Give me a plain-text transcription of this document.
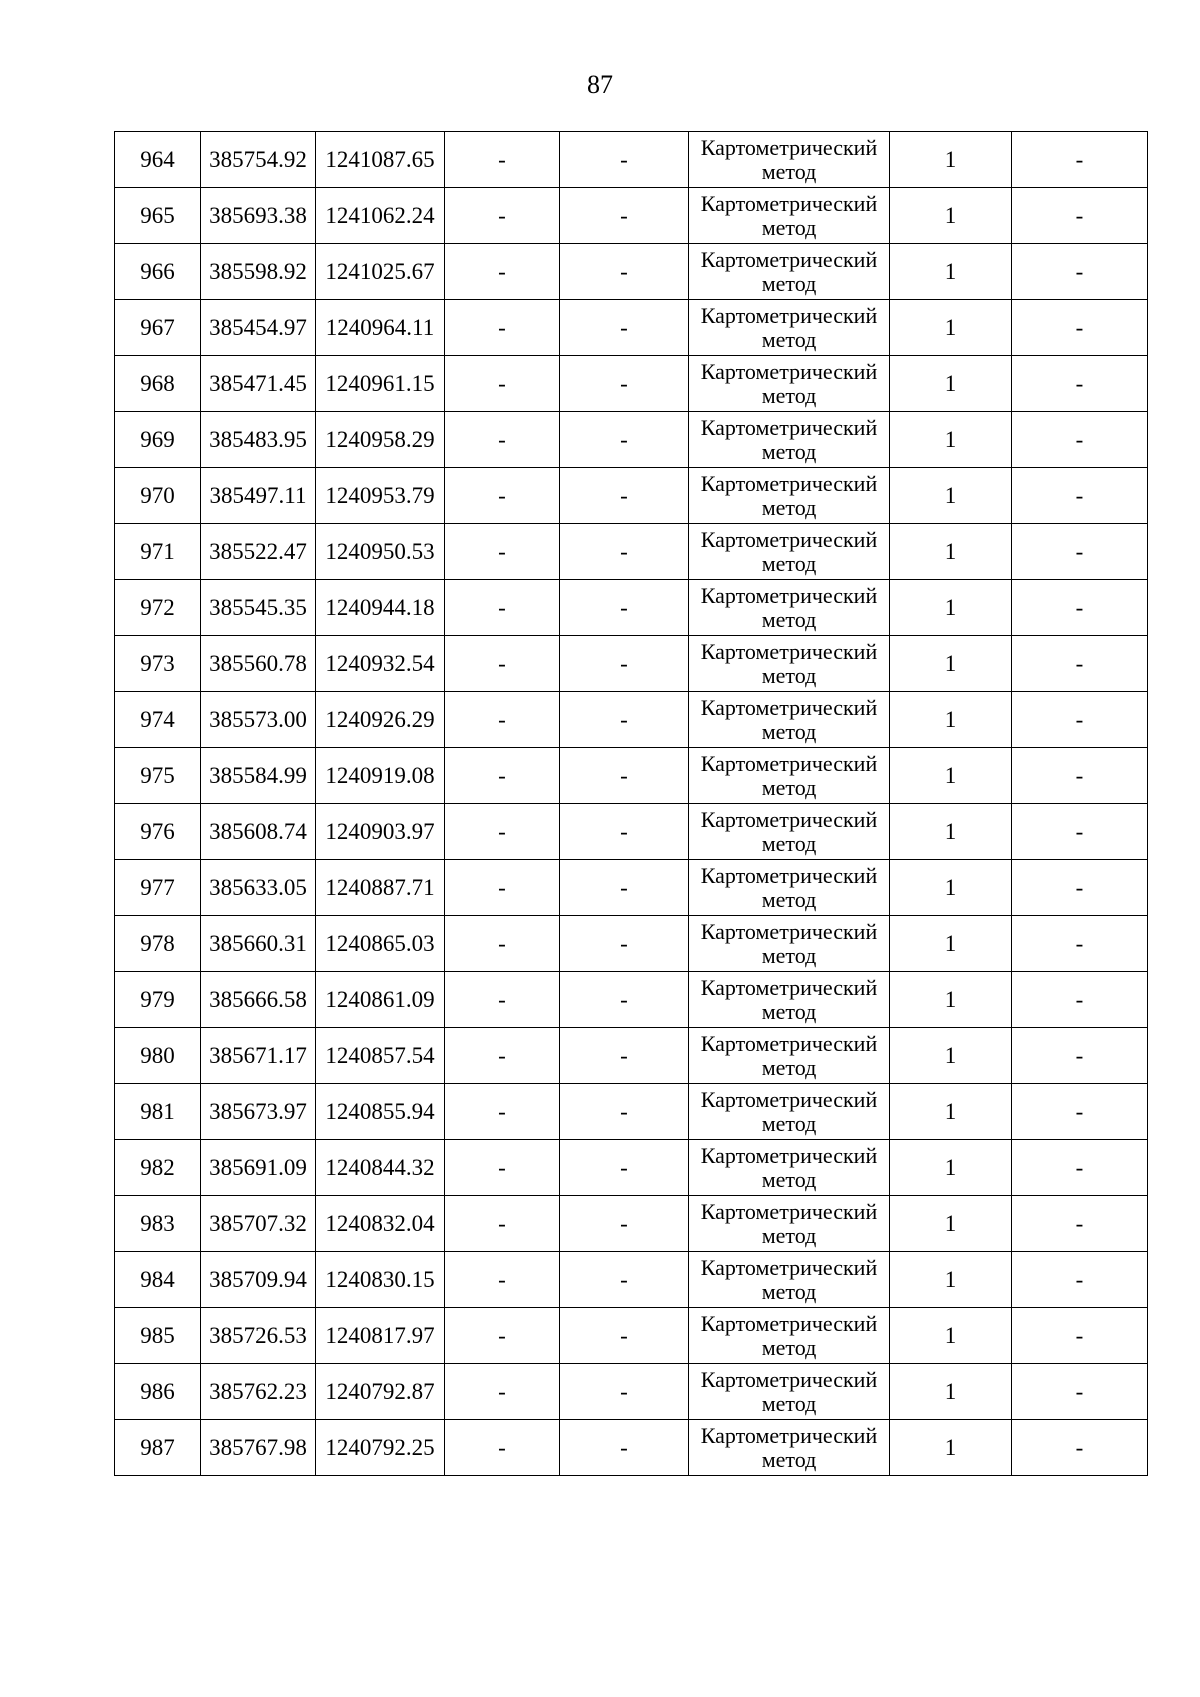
87
964	385754.92	1241087.65	-	-	Картометрический метод	1	-
965	385693.38	1241062.24	-	-	Картометрический метод	1	-
966	385598.92	1241025.67	-	-	Картометрический метод	1	-
967	385454.97	1240964.11	-	-	Картометрический метод	1	-
968	385471.45	1240961.15	-	-	Картометрический метод	1	-
969	385483.95	1240958.29	-	-	Картометрический метод	1	-
970	385497.11	1240953.79	-	-	Картометрический метод	1	-
971	385522.47	1240950.53	-	-	Картометрический метод	1	-
972	385545.35	1240944.18	-	-	Картометрический метод	1	-
973	385560.78	1240932.54	-	-	Картометрический метод	1	-
974	385573.00	1240926.29	-	-	Картометрический метод	1	-
975	385584.99	1240919.08	-	-	Картометрический метод	1	-
976	385608.74	1240903.97	-	-	Картометрический метод	1	-
977	385633.05	1240887.71	-	-	Картометрический метод	1	-
978	385660.31	1240865.03	-	-	Картометрический метод	1	-
979	385666.58	1240861.09	-	-	Картометрический метод	1	-
980	385671.17	1240857.54	-	-	Картометрический метод	1	-
981	385673.97	1240855.94	-	-	Картометрический метод	1	-
982	385691.09	1240844.32	-	-	Картометрический метод	1	-
983	385707.32	1240832.04	-	-	Картометрический метод	1	-
984	385709.94	1240830.15	-	-	Картометрический метод	1	-
985	385726.53	1240817.97	-	-	Картометрический метод	1	-
986	385762.23	1240792.87	-	-	Картометрический метод	1	-
987	385767.98	1240792.25	-	-	Картометрический метод	1	-
